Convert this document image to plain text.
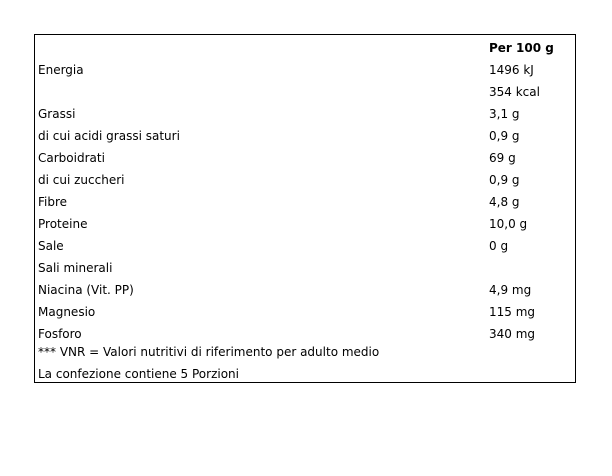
Per 100 g
Energia	1496 kJ
354 kcal
Grassi	3,1 g
di cui acidi grassi saturi	0,9 g
Carboidrati	69 g
di cui zuccheri	0,9 g
Fibre	4,8 g
Proteine	10,0 g
Sale	0 g
Sali minerali
Niacina (Vit. PP)	4,9 mg
Magnesio	115 mg
Fosforo	340 mg
*** VNR = Valori nutritivi di riferimento per adulto medio
La confezione contiene 5 Porzioni
